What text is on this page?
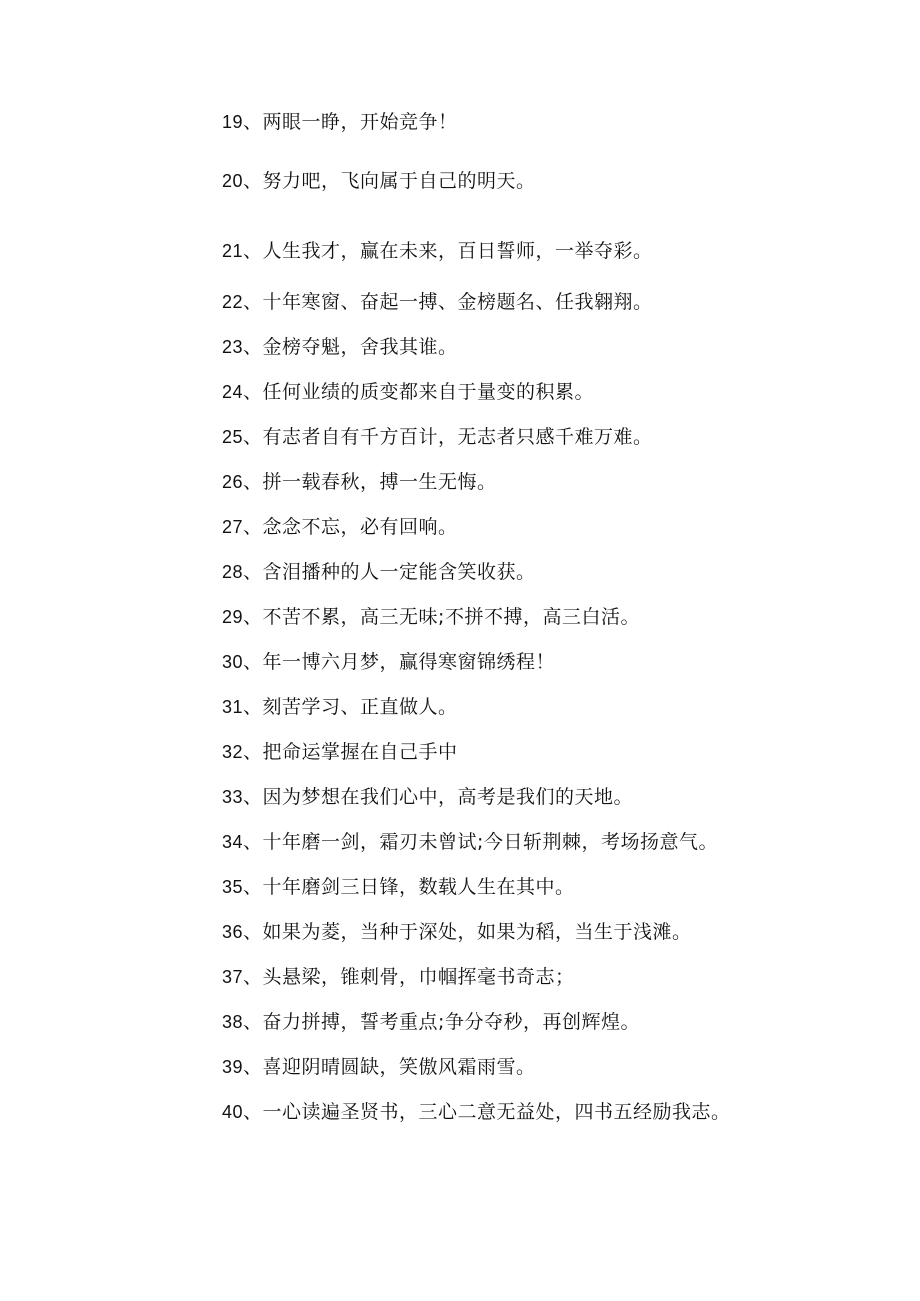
19、两眼一睁，开始竞争！
20、努力吧，飞向属于自己的明天。
21、人生我才，赢在未来，百日誓师，一举夺彩。
22、十年寒窗、奋起一搏、金榜题名、任我翱翔。
23、金榜夺魁，舍我其谁。
24、任何业绩的质变都来自于量变的积累。
25、有志者自有千方百计，无志者只感千难万难。
26、拼一载春秋，搏一生无悔。
27、念念不忘，必有回响。
28、含泪播种的人一定能含笑收获。
29、不苦不累，高三无味;不拼不搏，高三白活。
30、年一博六月梦，赢得寒窗锦绣程！
31、刻苦学习、正直做人。
32、把命运掌握在自己手中
33、因为梦想在我们心中，高考是我们的天地。
34、十年磨一剑，霜刃未曾试;今日斩荆棘，考场扬意气。
35、十年磨剑三日锋，数载人生在其中。
36、如果为菱，当种于深处，如果为稻，当生于浅滩。
37、头悬梁，锥刺骨，巾帼挥毫书奇志；
38、奋力拼搏，誓考重点;争分夺秒，再创辉煌。
39、喜迎阴晴圆缺，笑傲风霜雨雪。
40、一心读遍圣贤书，三心二意无益处，四书五经励我志。
